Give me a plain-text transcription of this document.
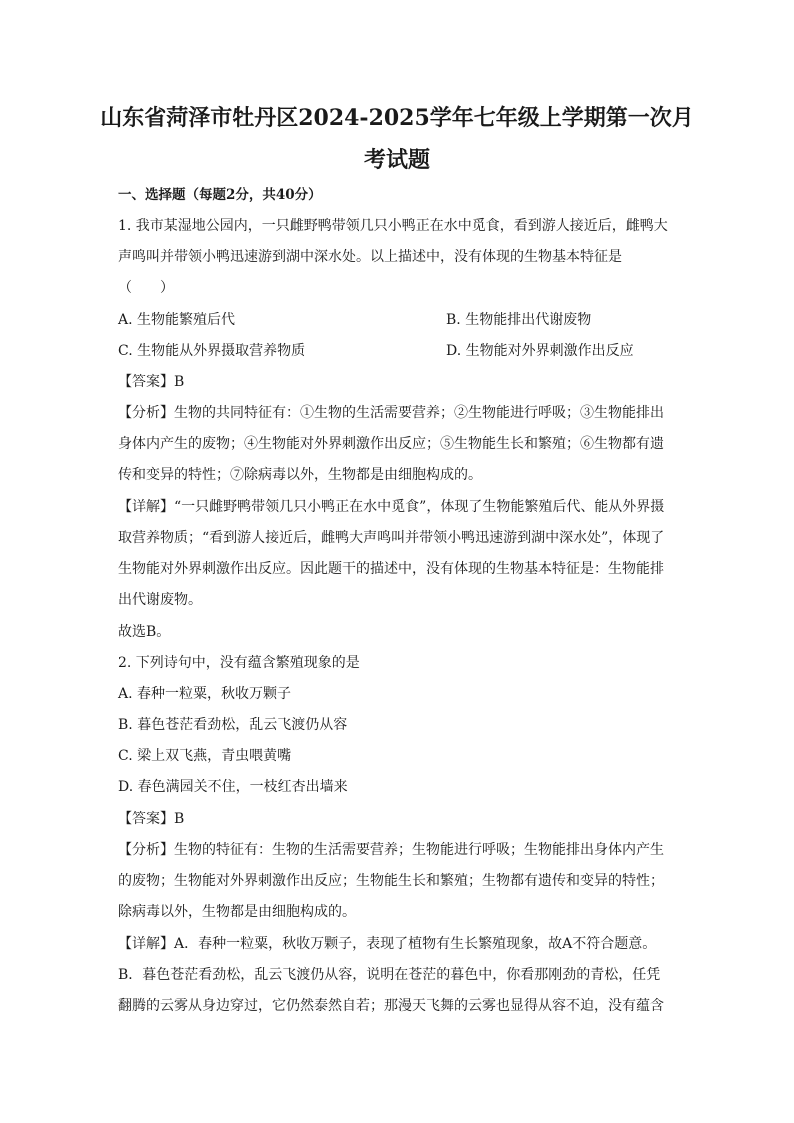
山东省菏泽市牡丹区2024-2025学年七年级上学期第一次月
考试题
一、选择题（每题2分，共40分）
1. 我市某湿地公园内，一只雌野鸭带领几只小鸭正在水中觅食，看到游人接近后，雌鸭大
声鸣叫并带领小鸭迅速游到湖中深水处。以上描述中，没有体现的生物基本特征是
（　　）
A. 生物能繁殖后代	B. 生物能排出代谢废物
C. 生物能从外界摄取营养物质	D. 生物能对外界刺激作出反应
【答案】B
【分析】生物的共同特征有：①生物的生活需要营养；②生物能进行呼吸；③生物能排出
身体内产生的废物；④生物能对外界刺激作出反应；⑤生物能生长和繁殖；⑥生物都有遗
传和变异的特性；⑦除病毒以外，生物都是由细胞构成的。
【详解】“一只雌野鸭带领几只小鸭正在水中觅食”，体现了生物能繁殖后代、能从外界摄
取营养物质；“看到游人接近后，雌鸭大声鸣叫并带领小鸭迅速游到湖中深水处”，体现了
生物能对外界刺激作出反应。因此题干的描述中，没有体现的生物基本特征是：生物能排
出代谢废物。
故选B。
2. 下列诗句中，没有蕴含繁殖现象的是
A. 春种一粒粟，秋收万颗子
B. 暮色苍茫看劲松，乱云飞渡仍从容
C. 梁上双飞燕，青虫喂黄嘴
D. 春色满园关不住，一枝红杏出墙来
【答案】B
【分析】生物的特征有：生物的生活需要营养；生物能进行呼吸；生物能排出身体内产生
的废物；生物能对外界刺激作出反应；生物能生长和繁殖；生物都有遗传和变异的特性；
除病毒以外，生物都是由细胞构成的。
【详解】A．春种一粒粟，秋收万颗子，表现了植物有生长繁殖现象，故A不符合题意。
B．暮色苍茫看劲松，乱云飞渡仍从容，说明在苍茫的暮色中，你看那刚劲的青松，任凭
翻腾的云雾从身边穿过，它仍然泰然自若；那漫天飞舞的云雾也显得从容不迫，没有蕴含
